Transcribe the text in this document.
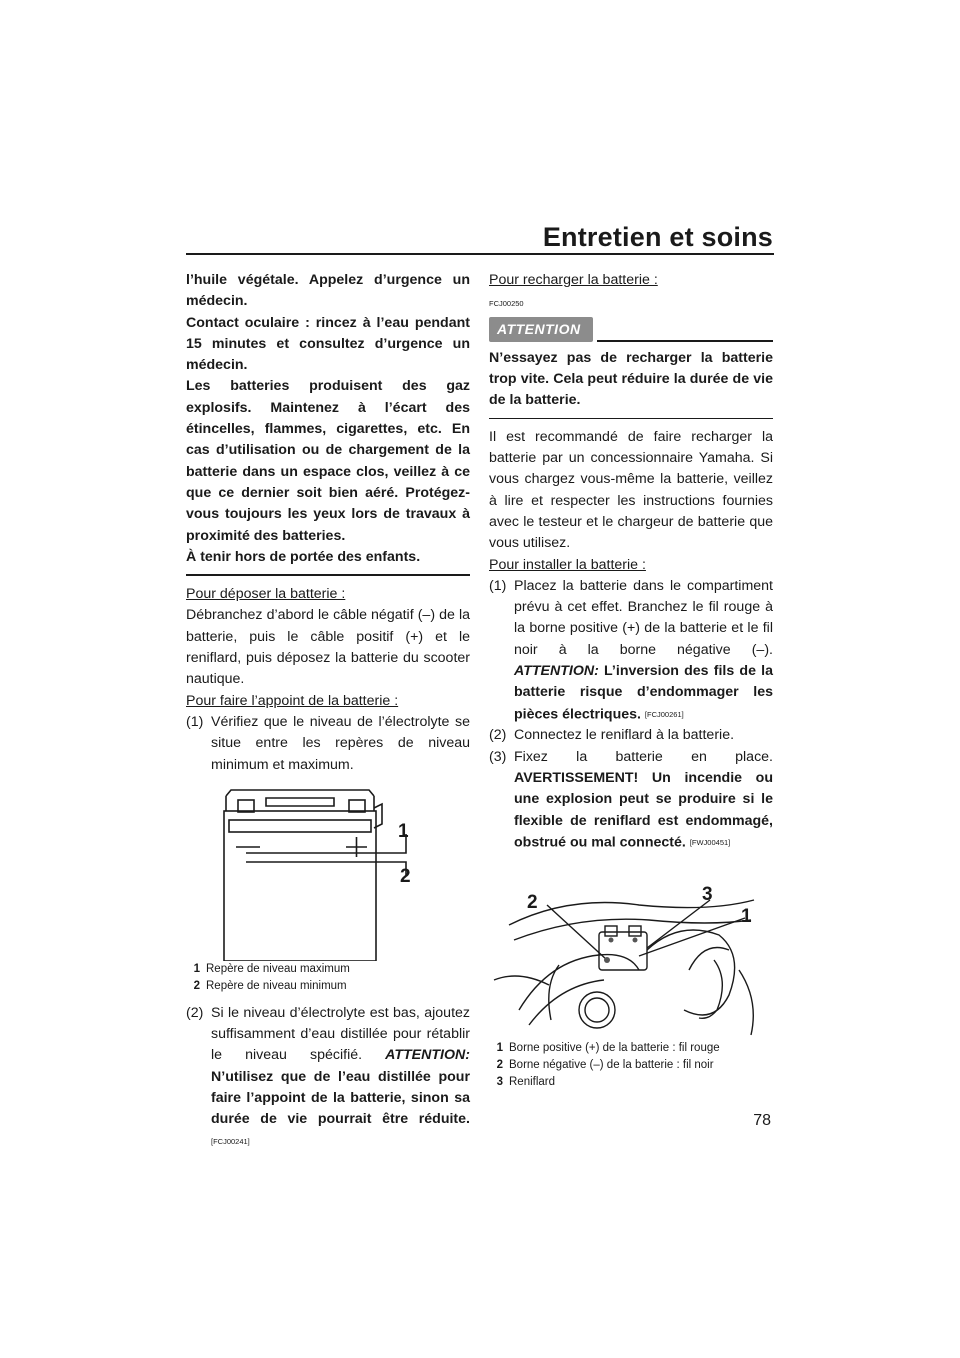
Entretien et soins

l’huile végétale. Appelez d’urgence un médecin.

Contact oculaire : rincez à l’eau pendant 15 minutes et consultez d’urgence un médecin.

Les batteries produisent des gaz explosifs. Maintenez à l’écart des étincelles, flammes, cigarettes, etc. En cas d’utilisation ou de chargement de la batterie dans un espace clos, veillez à ce que ce dernier soit bien aéré. Protégez-vous toujours les yeux lors de travaux à proximité des batteries.

À tenir hors de portée des enfants.

Pour déposer la batterie :

Débranchez d’abord le câble négatif (–) de la batterie, puis le câble positif (+) et le reniflard, puis déposez la batterie du scooter nautique.

Pour faire l’appoint de la batterie :

(1) Vérifiez que le niveau de l’électrolyte se situe entre les repères de niveau minimum et maximum.
1
2
1 Repère de niveau maximum
2 Repère de niveau minimum
(2) Si le niveau d’électrolyte est bas, ajoutez suffisamment d’eau distillée pour rétablir le niveau spécifié. ATTENTION: N’utilisez que de l’eau distillée pour faire l’appoint de la batterie, sinon sa durée de vie pourrait être réduite. [FCJ00241]

Pour recharger la batterie :

FCJ00250
ATTENTION

N’essayez pas de recharger la batterie trop vite. Cela peut réduire la durée de vie de la batterie.

Il est recommandé de faire recharger la batterie par un concessionnaire Yamaha. Si vous chargez vous-même la batterie, veillez à lire et respecter les instructions fournies avec le testeur et le chargeur de batterie que vous utilisez.

Pour installer la batterie :

(1) Placez la batterie dans le compartiment prévu à cet effet. Branchez le fil rouge à la borne positive (+) de la batterie et le fil noir à la borne négative (–). ATTENTION: L’inversion des fils de la batterie risque d’endommager les pièces électriques. [FCJ00261]
(2) Connectez le reniflard à la batterie.
(3) Fixez la batterie en place. AVERTISSEMENT! Un incendie ou une explosion peut se produire si le flexible de reniflard est endommagé, obstrué ou mal connecté. [FWJ00451]
2	3
1
1 Borne positive (+) de la batterie : fil rouge
2 Borne négative (–) de la batterie : fil noir
3 Reniflard

78
